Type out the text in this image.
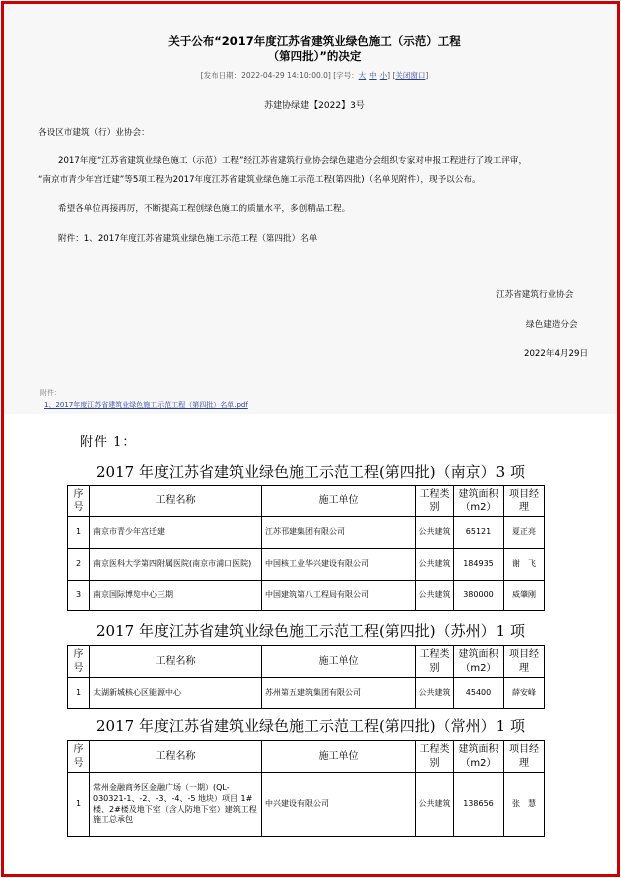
关于公布“2017年度江苏省建筑业绿色施工（示范）工程
（第四批）”的决定
[发布日期：2022-04-29 14:10:00.0] [字号：大 中 小] [关闭窗口]
苏建协绿建【2022】3号
各设区市建筑（行）业协会：
2017年度“江苏省建筑业绿色施工（示范）工程”经江苏省建筑行业协会绿色建造分会组织专家对申报工程进行了竣工评审，
“南京市青少年宫迁建”等5项工程为2017年度江苏省建筑业绿色施工示范工程(第四批)（名单见附件），现予以公布。
希望各单位再接再厉，不断提高工程创绿色施工的质量水平，多创精品工程。
附件：1、2017年度江苏省建筑业绿色施工示范工程（第四批）名单
江苏省建筑行业协会
绿色建造分会
2022年4月29日
附件：
1、2017年度江苏省建筑业绿色施工示范工程（第四批）名单.pdf
附件 1：
2017 年度江苏省建筑业绿色施工示范工程(第四批)（南京）3 项
序号	工程名称	施工单位	工程类别	建筑面积（m2）	项目经理
1	南京市青少年宫迁建	江苏邗建集团有限公司	公共建筑	65121	夏正亮
2	南京医科大学第四附属医院(南京市浦口医院)	中国核工业华兴建设有限公司	公共建筑	184935	谢　飞
3	南京国际博览中心三期	中国建筑第八工程局有限公司	公共建筑	380000	威肇刚
2017 年度江苏省建筑业绿色施工示范工程(第四批)（苏州）1 项
序号	工程名称	施工单位	工程类别	建筑面积（m2）	项目经理
1	太湖新城核心区能源中心	苏州第五建筑集团有限公司	公共建筑	45400	薛安峰
2017 年度江苏省建筑业绿色施工示范工程(第四批)（常州）1 项
序号	工程名称	施工单位	工程类别	建筑面积（m2）	项目经理
1	常州金融商务区金融广场（一期）(QL-030321-1、-2、-3、-4、-5 地块）项目 1#楼、2#楼及地下室（含人防地下室）建筑工程施工总承包	中兴建设有限公司	公共建筑	138656	张　慧
